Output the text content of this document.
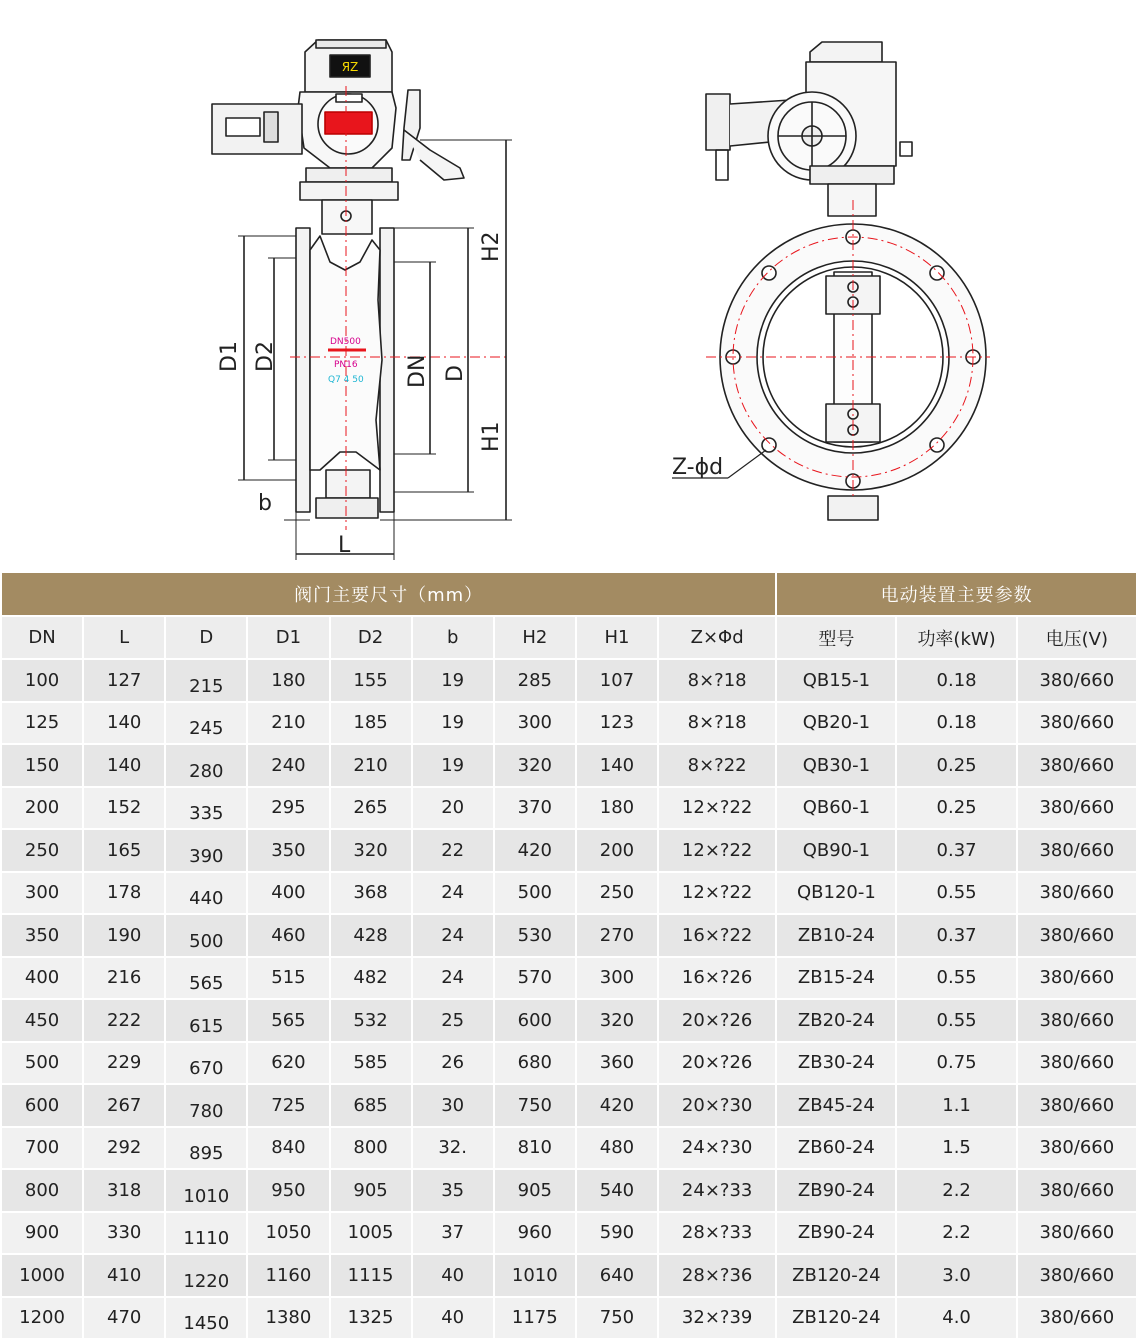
ЯZ
D1 D2	DN D
H2
H1
b
L
Z-ϕd
DN500
PN16
Q7 4 50
阀门主要尺寸（mm）									电动装置主要参数		
DN	L	D	D1	D2	b	H2	H1	Z×Φd	型号	功率(kW)	电压(V)
100	127	215	180	155	19	285	107	8×?18	QB15-1	0.18	380/660
125	140	245	210	185	19	300	123	8×?18	QB20-1	0.18	380/660
150	140	280	240	210	19	320	140	8×?22	QB30-1	0.25	380/660
200	152	335	295	265	20	370	180	12×?22	QB60-1	0.25	380/660
250	165	390	350	320	22	420	200	12×?22	QB90-1	0.37	380/660
300	178	440	400	368	24	500	250	12×?22	QB120-1	0.55	380/660
350	190	500	460	428	24	530	270	16×?22	ZB10-24	0.37	380/660
400	216	565	515	482	24	570	300	16×?26	ZB15-24	0.55	380/660
450	222	615	565	532	25	600	320	20×?26	ZB20-24	0.55	380/660
500	229	670	620	585	26	680	360	20×?26	ZB30-24	0.75	380/660
600	267	780	725	685	30	750	420	20×?30	ZB45-24	1.1	380/660
700	292	895	840	800	32.	810	480	24×?30	ZB60-24	1.5	380/660
800	318	1010	950	905	35	905	540	24×?33	ZB90-24	2.2	380/660
900	330	1110	1050	1005	37	960	590	28×?33	ZB90-24	2.2	380/660
1000	410	1220	1160	1115	40	1010	640	28×?36	ZB120-24	3.0	380/660
1200	470	1450	1380	1325	40	1175	750	32×?39	ZB120-24	4.0	380/660
